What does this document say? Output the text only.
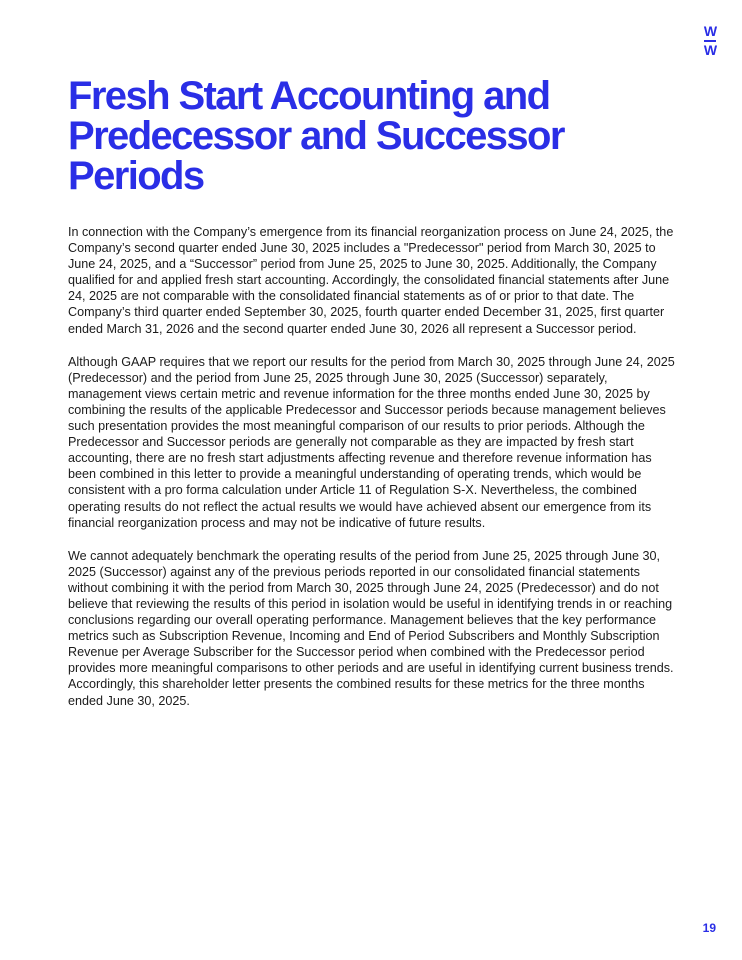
W
W
Fresh Start Accounting and
Predecessor and Successor
Periods

In connection with the Company’s emergence from its financial reorganization process on June 24, 2025, the Company’s second quarter ended June 30, 2025 includes a "Predecessor" period from March 30, 2025 to June 24, 2025, and a “Successor” period from June 25, 2025 to June 30, 2025. Additionally, the Company qualified for and applied fresh start accounting. Accordingly, the consolidated financial statements after June 24, 2025 are not comparable with the consolidated financial statements as of or prior to that date. The Company’s third quarter ended September 30, 2025, fourth quarter ended December 31, 2025, first quarter ended March 31, 2026 and the second quarter ended June 30, 2026 all represent a Successor period.

Although GAAP requires that we report our results for the period from March 30, 2025 through June 24, 2025 (Predecessor) and the period from June 25, 2025 through June 30, 2025 (Successor) separately, management views certain metric and revenue information for the three months ended June 30, 2025 by combining the results of the applicable Predecessor and Successor periods because management believes such presentation provides the most meaningful comparison of our results to prior periods. Although the Predecessor and Successor periods are generally not comparable as they are impacted by fresh start accounting, there are no fresh start adjustments affecting revenue and therefore revenue information has been combined in this letter to provide a meaningful understanding of operating trends, which would be consistent with a pro forma calculation under Article 11 of Regulation S-X. Nevertheless, the combined operating results do not reflect the actual results we would have achieved absent our emergence from its financial reorganization process and may not be indicative of future results.

We cannot adequately benchmark the operating results of the period from June 25, 2025 through June 30, 2025 (Successor) against any of the previous periods reported in our consolidated financial statements without combining it with the period from March 30, 2025 through June 24, 2025 (Predecessor) and do not believe that reviewing the results of this period in isolation would be useful in identifying trends in or reaching conclusions regarding our overall operating performance. Management believes that the key performance metrics such as Subscription Revenue, Incoming and End of Period Subscribers and Monthly Subscription Revenue per Average Subscriber for the Successor period when combined with the Predecessor period provides more meaningful comparisons to other periods and are useful in identifying current business trends. Accordingly, this shareholder letter presents the combined results for these metrics for the three months ended June 30, 2025.

19
